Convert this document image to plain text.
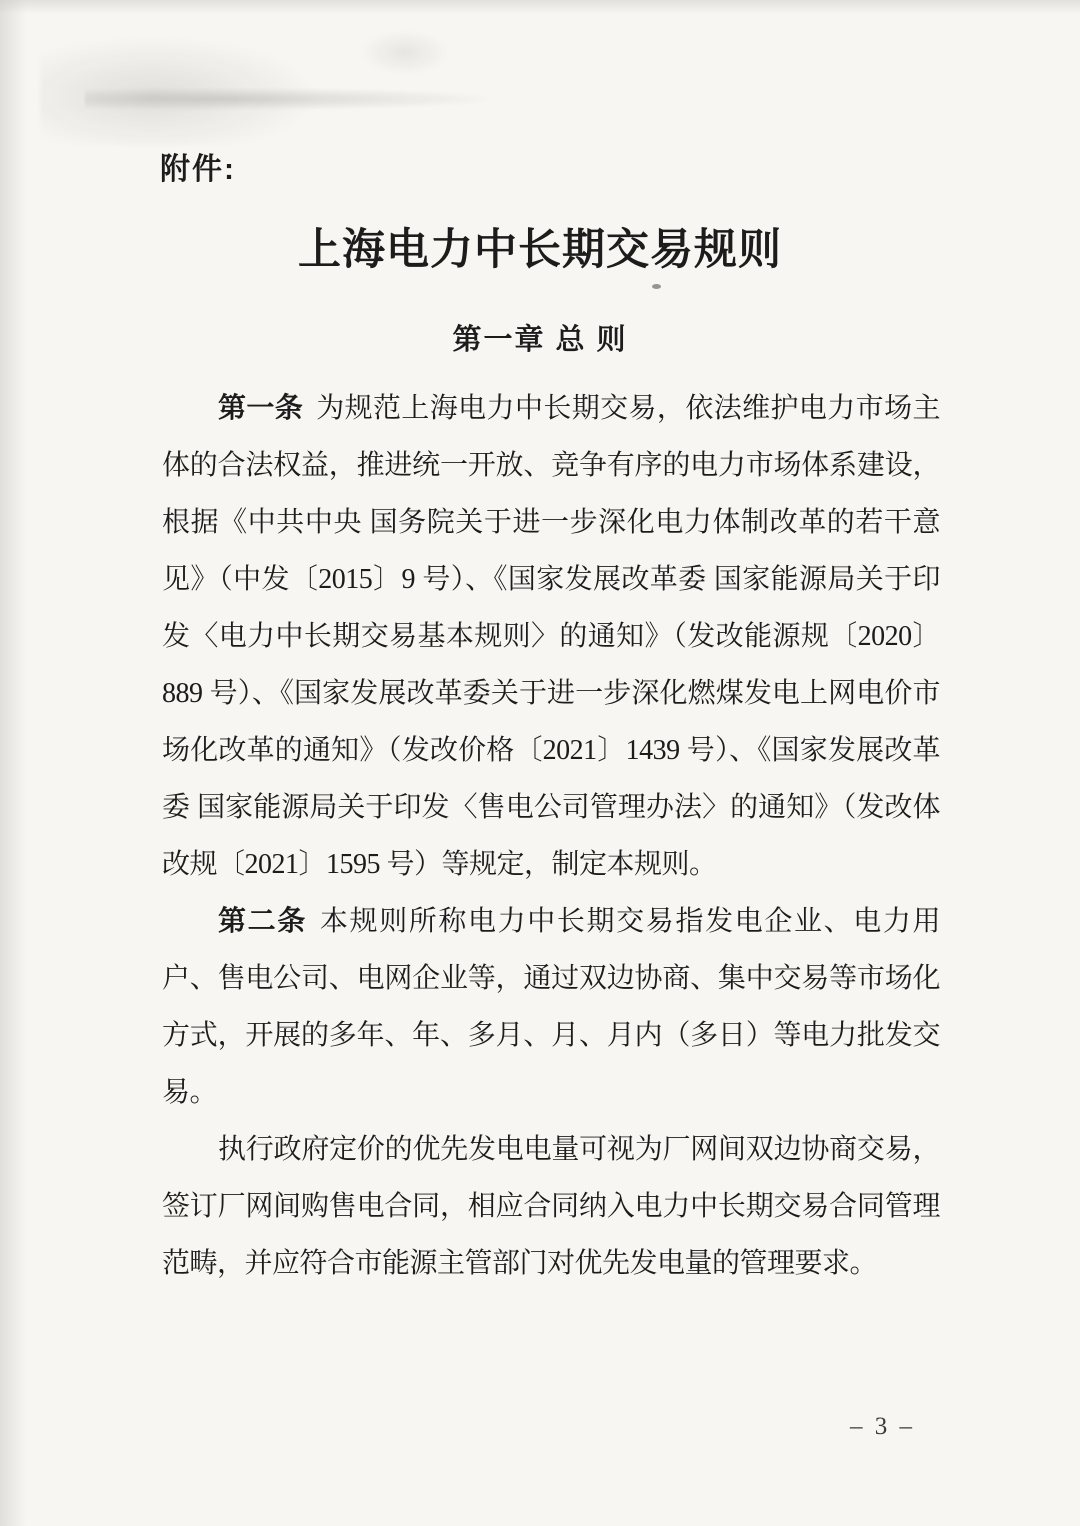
附件:
上海电力中长期交易规则
第一章 总 则

第一条 为规范上海电力中长期交易，依法维护电力市场主体的合法权益，推进统一开放、竞争有序的电力市场体系建设，根据《中共中央 国务院关于进一步深化电力体制改革的若干意见》（中发〔2015〕9 号）、《国家发展改革委 国家能源局关于印发〈电力中长期交易基本规则〉的通知》（发改能源规〔2020〕889 号）、《国家发展改革委关于进一步深化燃煤发电上网电价市场化改革的通知》（发改价格〔2021〕1439 号）、《国家发展改革委 国家能源局关于印发〈售电公司管理办法〉的通知》（发改体改规〔2021〕1595 号）等规定，制定本规则。

第二条 本规则所称电力中长期交易指发电企业、电力用户、售电公司、电网企业等，通过双边协商、集中交易等市场化方式，开展的多年、年、多月、月、月内（多日）等电力批发交易。

执行政府定价的优先发电电量可视为厂网间双边协商交易，签订厂网间购售电合同，相应合同纳入电力中长期交易合同管理范畴，并应符合市能源主管部门对优先发电量的管理要求。

– 3 –
